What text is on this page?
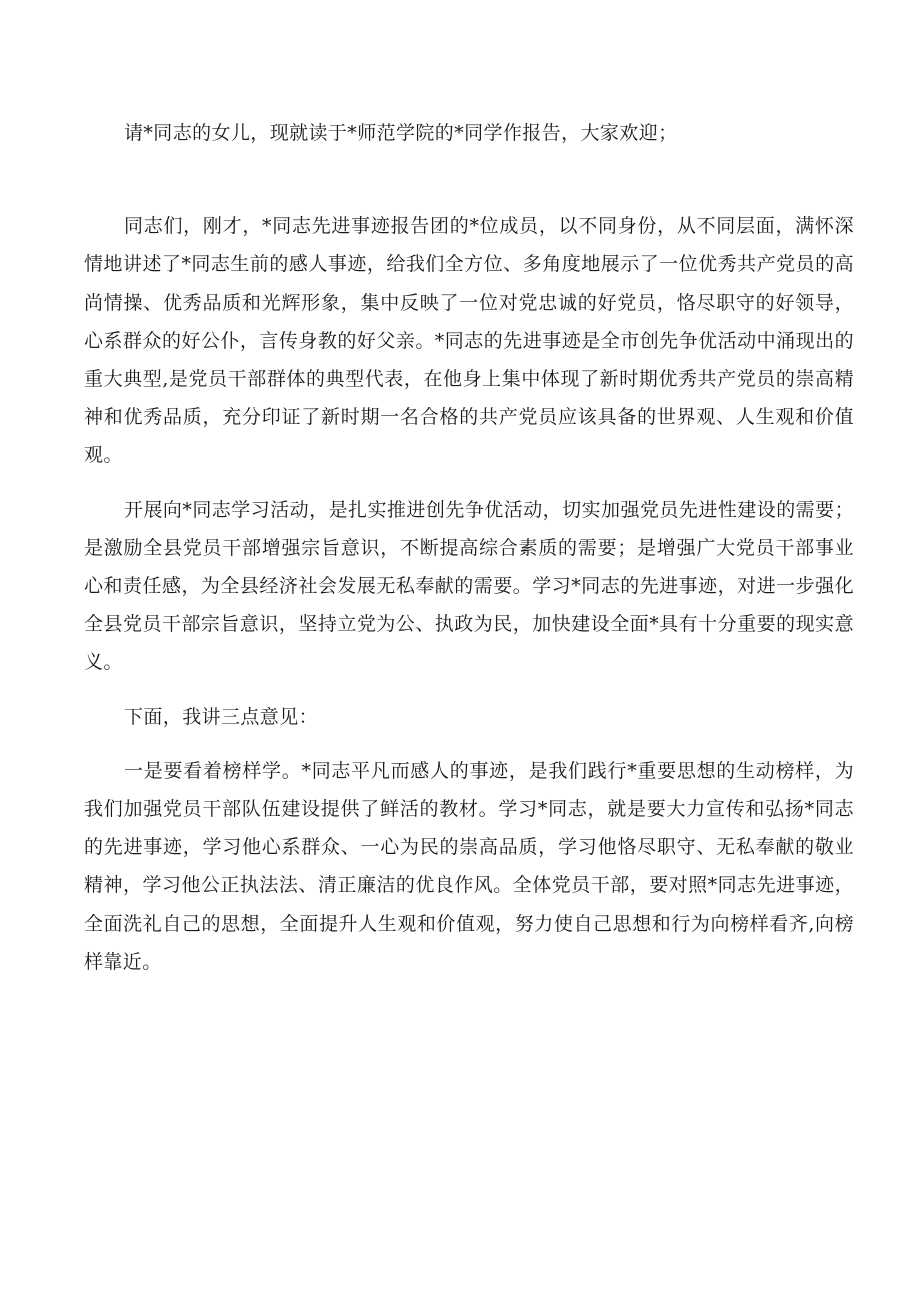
请*同志的女儿，现就读于*师范学院的*同学作报告，大家欢迎；

同志们，刚才，*同志先进事迹报告团的*位成员，以不同身份，从不同层面，满怀深情地讲述了*同志生前的感人事迹，给我们全方位、多角度地展示了一位优秀共产党员的高尚情操、优秀品质和光辉形象，集中反映了一位对党忠诚的好党员，恪尽职守的好领导，心系群众的好公仆，言传身教的好父亲。*同志的先进事迹是全市创先争优活动中涌现出的重大典型,是党员干部群体的典型代表，在他身上集中体现了新时期优秀共产党员的崇高精神和优秀品质，充分印证了新时期一名合格的共产党员应该具备的世界观、人生观和价值观。

开展向*同志学习活动，是扎实推进创先争优活动，切实加强党员先进性建设的需要；是激励全县党员干部增强宗旨意识，不断提高综合素质的需要；是增强广大党员干部事业心和责任感，为全县经济社会发展无私奉献的需要。学习*同志的先进事迹，对进一步强化全县党员干部宗旨意识，坚持立党为公、执政为民，加快建设全面*具有十分重要的现实意义。

下面，我讲三点意见：

一是要看着榜样学。*同志平凡而感人的事迹，是我们践行*重要思想的生动榜样，为我们加强党员干部队伍建设提供了鲜活的教材。学习*同志，就是要大力宣传和弘扬*同志的先进事迹，学习他心系群众、一心为民的崇高品质，学习他恪尽职守、无私奉献的敬业精神，学习他公正执法法、清正廉洁的优良作风。全体党员干部，要对照*同志先进事迹，全面洗礼自己的思想，全面提升人生观和价值观，努力使自己思想和行为向榜样看齐,向榜样靠近。
